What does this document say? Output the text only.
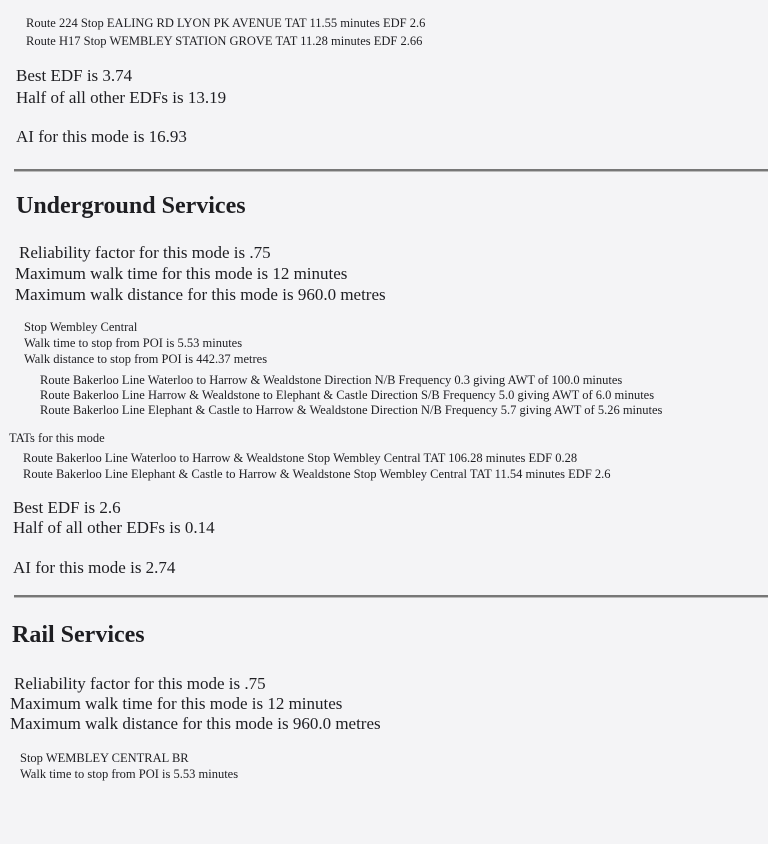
Route 224 Stop EALING RD LYON PK AVENUE TAT 11.55 minutes EDF 2.6
Route H17 Stop WEMBLEY STATION GROVE TAT 11.28 minutes EDF 2.66
Best EDF is 3.74
Half of all other EDFs is 13.19
AI for this mode is 16.93
Underground Services
Reliability factor for this mode is .75
Maximum walk time for this mode is 12 minutes
Maximum walk distance for this mode is 960.0 metres
Stop Wembley Central
Walk time to stop from POI is 5.53 minutes
Walk distance to stop from POI is 442.37 metres
Route Bakerloo Line Waterloo to Harrow & Wealdstone Direction N/B Frequency 0.3 giving AWT of 100.0 minutes
Route Bakerloo Line Harrow & Wealdstone to Elephant & Castle Direction S/B Frequency 5.0 giving AWT of 6.0 minutes
Route Bakerloo Line Elephant & Castle to Harrow & Wealdstone Direction N/B Frequency 5.7 giving AWT of 5.26 minutes
TATs for this mode
Route Bakerloo Line Waterloo to Harrow & Wealdstone Stop Wembley Central TAT 106.28 minutes EDF 0.28
Route Bakerloo Line Elephant & Castle to Harrow & Wealdstone Stop Wembley Central TAT 11.54 minutes EDF 2.6
Best EDF is 2.6
Half of all other EDFs is 0.14
AI for this mode is 2.74
Rail Services
Reliability factor for this mode is .75
Maximum walk time for this mode is 12 minutes
Maximum walk distance for this mode is 960.0 metres
Stop WEMBLEY CENTRAL BR
Walk time to stop from POI is 5.53 minutes
